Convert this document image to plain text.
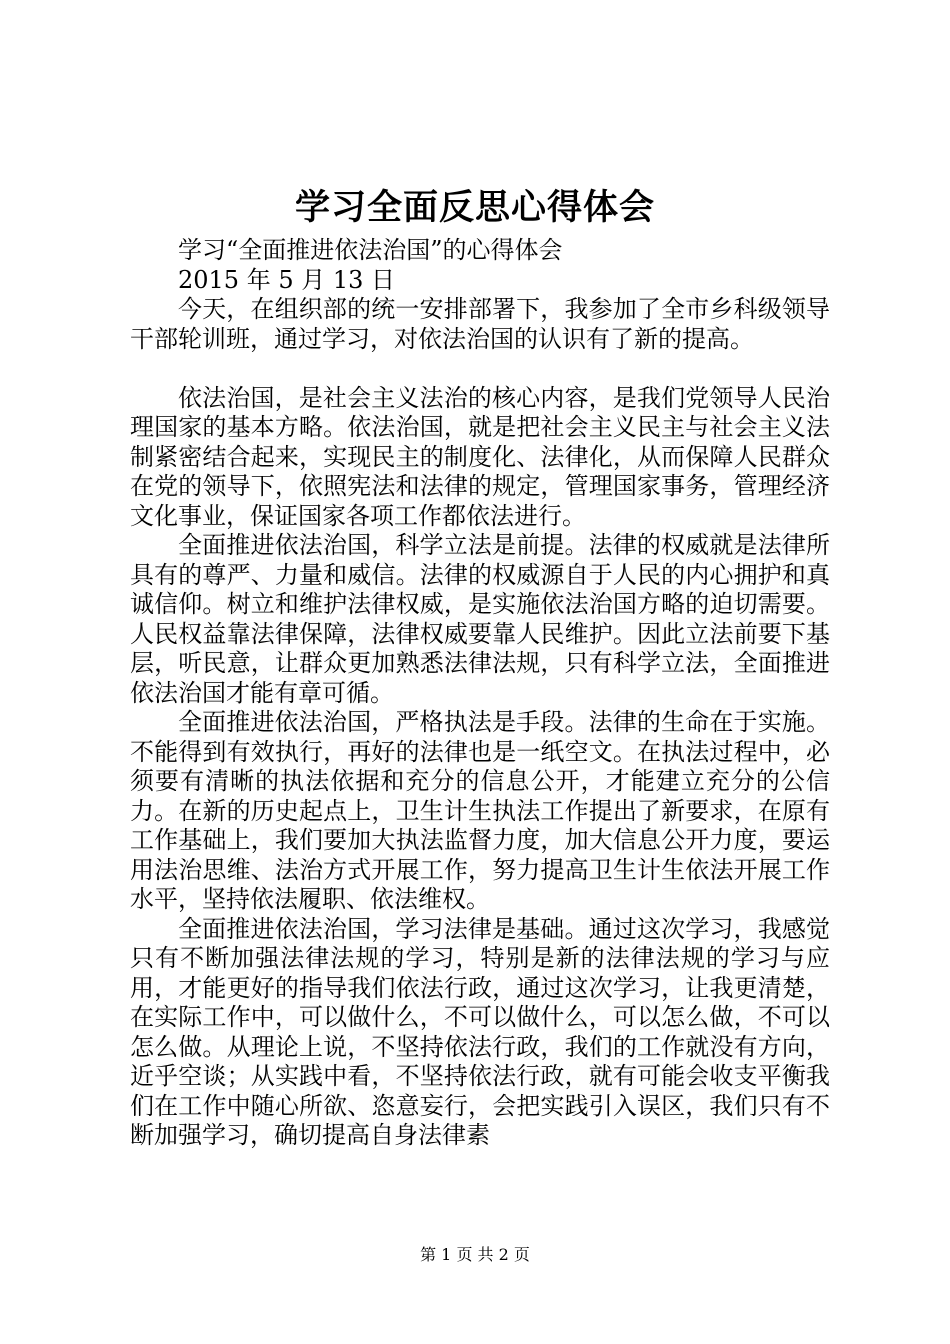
学习全面反思心得体会

学习“全面推进依法治国”的心得体会

2015 年 5 月 13 日

今天，在组织部的统一安排部署下，我参加了全市乡科级领导干部轮训班，通过学习，对依法治国的认识有了新的提高。

依法治国，是社会主义法治的核心内容，是我们党领导人民治理国家的基本方略。依法治国，就是把社会主义民主与社会主义法制紧密结合起来，实现民主的制度化、法律化，从而保障人民群众在党的领导下，依照宪法和法律的规定，管理国家事务，管理经济文化事业，保证国家各项工作都依法进行。

全面推进依法治国，科学立法是前提。法律的权威就是法律所具有的尊严、力量和威信。法律的权威源自于人民的内心拥护和真诚信仰。树立和维护法律权威，是实施依法治国方略的迫切需要。人民权益靠法律保障，法律权威要靠人民维护。因此立法前要下基层，听民意，让群众更加熟悉法律法规，只有科学立法，全面推进依法治国才能有章可循。

全面推进依法治国，严格执法是手段。法律的生命在于实施。不能得到有效执行，再好的法律也是一纸空文。在执法过程中，必须要有清晰的执法依据和充分的信息公开，才能建立充分的公信力。在新的历史起点上，卫生计生执法工作提出了新要求，在原有工作基础上，我们要加大执法监督力度，加大信息公开力度，要运用法治思维、法治方式开展工作，努力提高卫生计生依法开展工作水平，坚持依法履职、依法维权。

全面推进依法治国，学习法律是基础。通过这次学习，我感觉只有不断加强法律法规的学习，特别是新的法律法规的学习与应用，才能更好的指导我们依法行政，通过这次学习，让我更清楚，在实际工作中，可以做什么，不可以做什么，可以怎么做，不可以怎么做。从理论上说，不坚持依法行政，我们的工作就没有方向，近乎空谈；从实践中看，不坚持依法行政，就有可能会收支平衡我们在工作中随心所欲、恣意妄行，会把实践引入误区，我们只有不断加强学习，确切提高自身法律素

第 1 页 共 2 页
